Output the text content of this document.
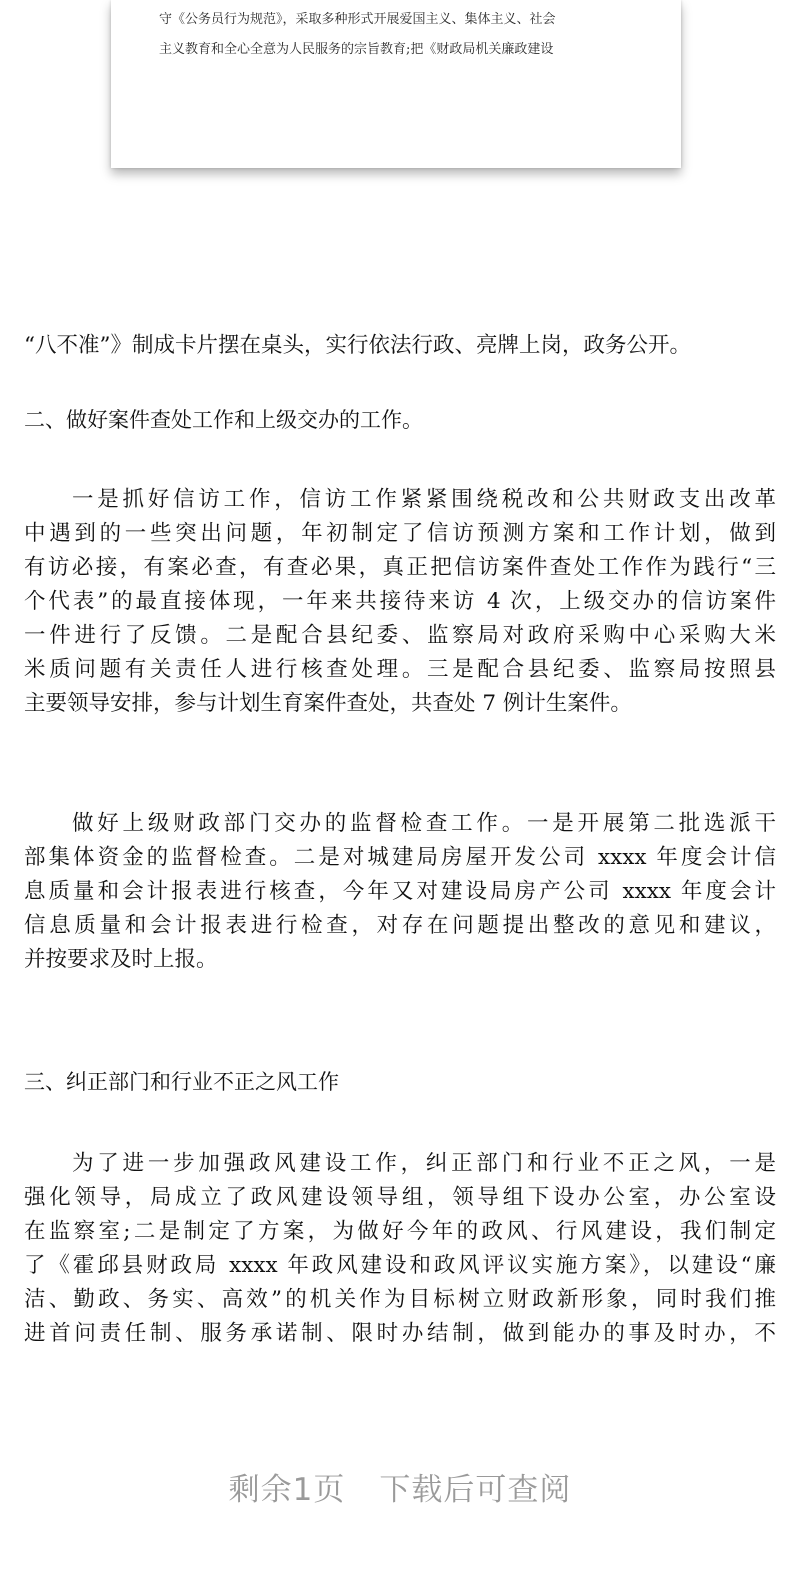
守《公务员行为规范》，采取多种形式开展爱国主义、集体主义、社会
主义教育和全心全意为人民服务的宗旨教育;把《财政局机关廉政建设
“八不准”》制成卡片摆在桌头，实行依法行政、亮牌上岗，政务公开。
二、做好案件查处工作和上级交办的工作。
一是抓好信访工作，信访工作紧紧围绕税改和公共财政支出改革
中遇到的一些突出问题，年初制定了信访预测方案和工作计划，做到
有访必接，有案必查，有查必果，真正把信访案件查处工作作为践行“三
个代表”的最直接体现，一年来共接待来访 4 次，上级交办的信访案件
一件进行了反馈。二是配合县纪委、监察局对政府采购中心采购大米
米质问题有关责任人进行核查处理。三是配合县纪委、监察局按照县
主要领导安排，参与计划生育案件查处，共查处 7 例计生案件。
做好上级财政部门交办的监督检查工作。一是开展第二批选派干
部集体资金的监督检查。二是对城建局房屋开发公司 xxxx 年度会计信
息质量和会计报表进行核查，今年又对建设局房产公司 xxxx 年度会计
信息质量和会计报表进行检查，对存在问题提出整改的意见和建议，
并按要求及时上报。
三、纠正部门和行业不正之风工作
为了进一步加强政风建设工作，纠正部门和行业不正之风，一是
强化领导，局成立了政风建设领导组，领导组下设办公室，办公室设
在监察室;二是制定了方案，为做好今年的政风、行风建设，我们制定
了《霍邱县财政局 xxxx 年政风建设和政风评议实施方案》，以建设“廉
洁、勤政、务实、高效”的机关作为目标树立财政新形象，同时我们推
进首问责任制、服务承诺制、限时办结制，做到能办的事及时办，不
剩余1页 下载后可查阅
